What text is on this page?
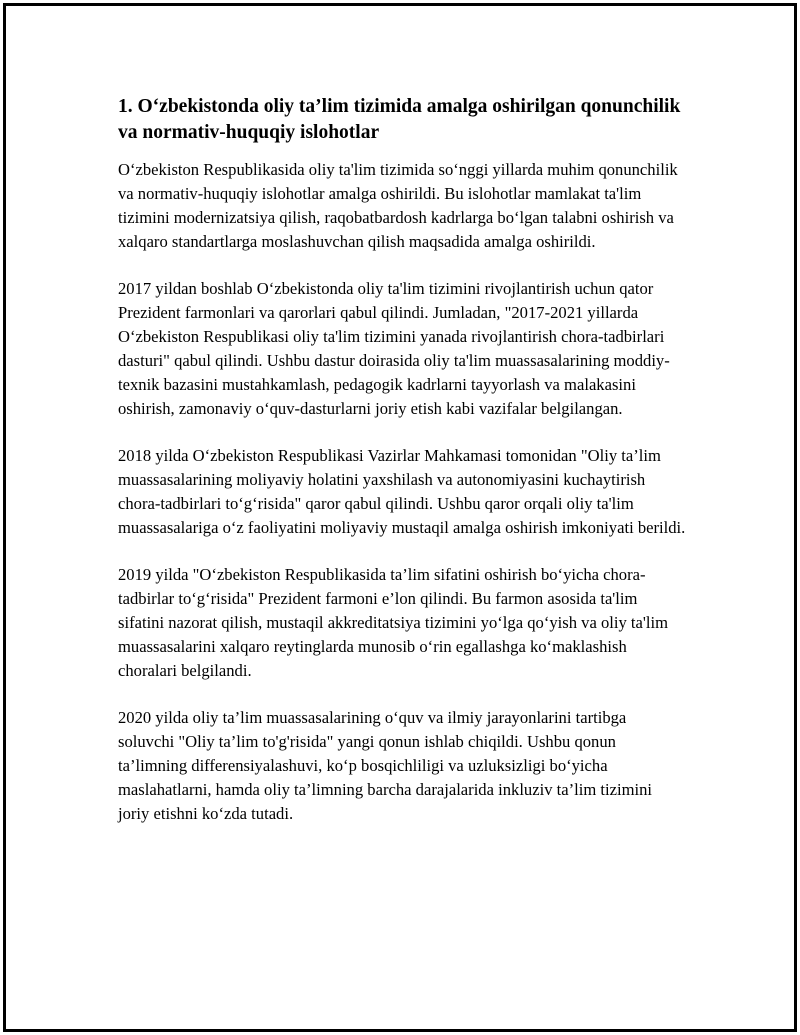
1. O‘zbekistonda oliy ta’lim tizimida amalga oshirilgan qonunchilik va normativ-huquqiy islohotlar

O‘zbekiston Respublikasida oliy ta'lim tizimida so‘nggi yillarda muhim qonunchilik va normativ-huquqiy islohotlar amalga oshirildi. Bu islohotlar mamlakat ta'lim tizimini modernizatsiya qilish, raqobatbardosh kadrlarga bo‘lgan talabni oshirish va xalqaro standartlarga moslashuvchan qilish maqsadida amalga oshirildi.

2017 yildan boshlab O‘zbekistonda oliy ta'lim tizimini rivojlantirish uchun qator Prezident farmonlari va qarorlari qabul qilindi. Jumladan, "2017-2021 yillarda O‘zbekiston Respublikasi oliy ta'lim tizimini yanada rivojlantirish chora-tadbirlari dasturi" qabul qilindi. Ushbu dastur doirasida oliy ta'lim muassasalarining moddiy-texnik bazasini mustahkamlash, pedagogik kadrlarni tayyorlash va malakasini oshirish, zamonaviy o‘quv-dasturlarni joriy etish kabi vazifalar belgilangan.

2018 yilda O‘zbekiston Respublikasi Vazirlar Mahkamasi tomonidan "Oliy ta’lim muassasalarining moliyaviy holatini yaxshilash va autonomiyasini kuchaytirish chora-tadbirlari to‘g‘risida" qaror qabul qilindi. Ushbu qaror orqali oliy ta'lim muassasalariga o‘z faoliyatini moliyaviy mustaqil amalga oshirish imkoniyati berildi.

2019 yilda "O‘zbekiston Respublikasida ta’lim sifatini oshirish bo‘yicha chora-tadbirlar to‘g‘risida" Prezident farmoni e’lon qilindi. Bu farmon asosida ta'lim sifatini nazorat qilish, mustaqil akkreditatsiya tizimini yo‘lga qo‘yish va oliy ta'lim muassasalarini xalqaro reytinglarda munosib o‘rin egallashga ko‘maklashish choralari belgilandi.

2020 yilda oliy ta’lim muassasalarining o‘quv va ilmiy jarayonlarini tartibga soluvchi "Oliy ta’lim to'g'risida" yangi qonun ishlab chiqildi. Ushbu qonun ta’limning differensiyalashuvi, ko‘p bosqichliligi va uzluksizligi bo‘yicha maslahatlarni, hamda oliy ta’limning barcha darajalarida inkluziv ta’lim tizimini joriy etishni ko‘zda tutadi.
